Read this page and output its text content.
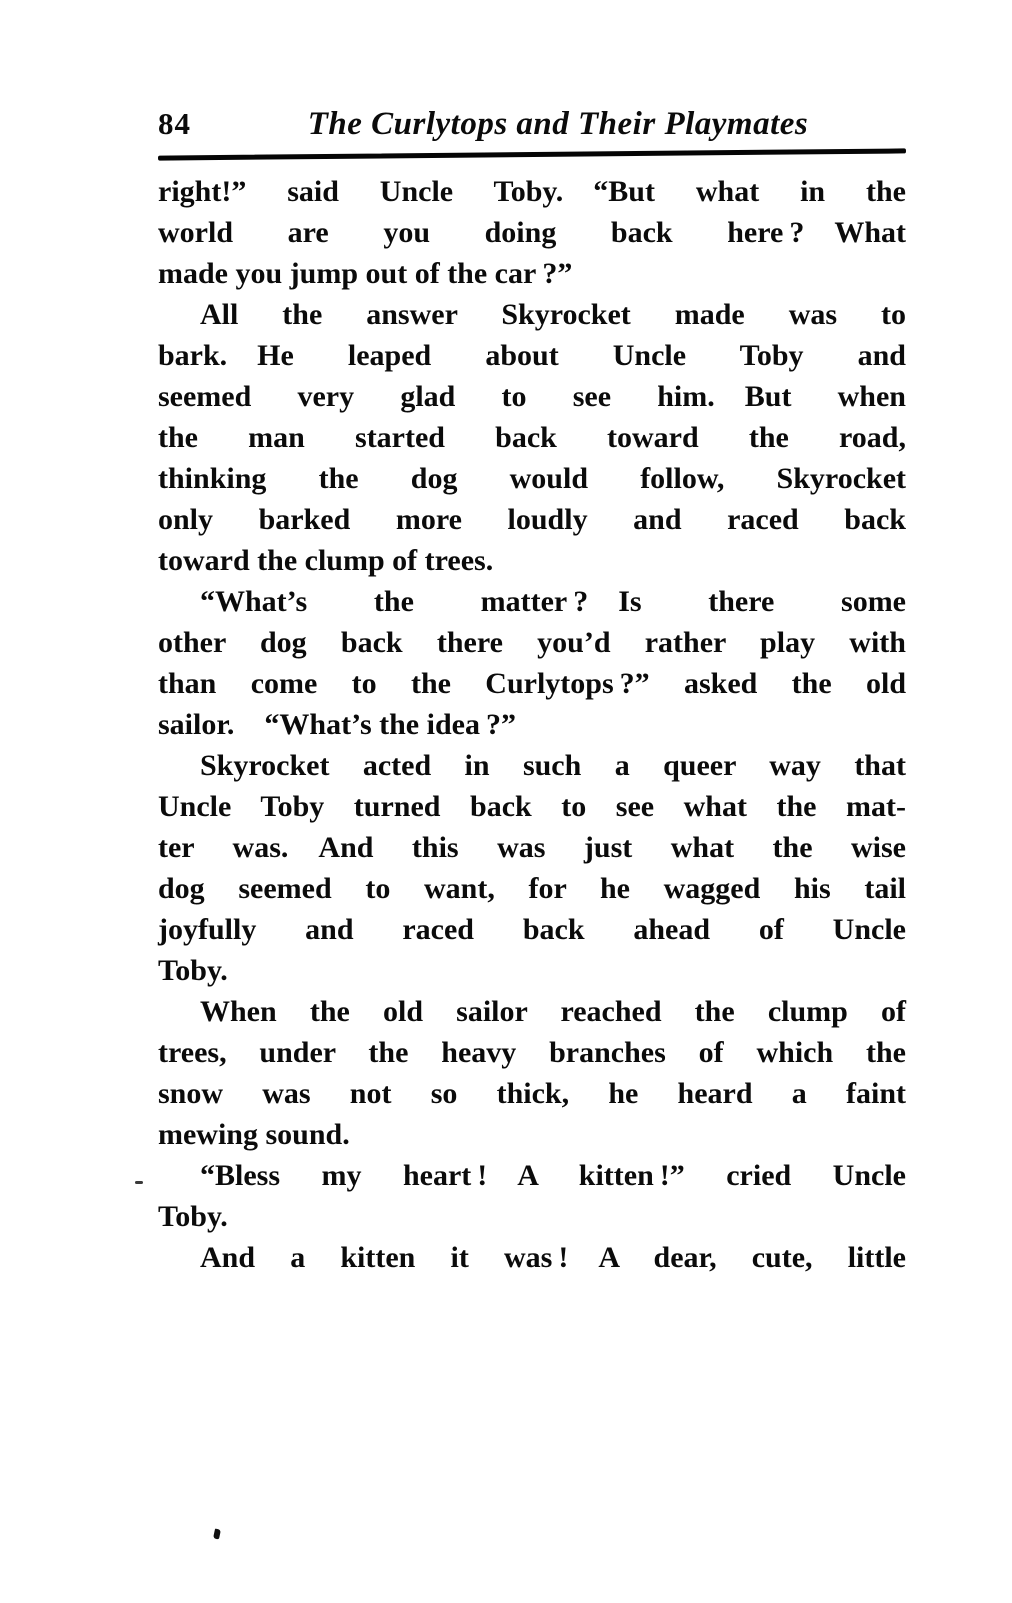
84	The Curlytops and Their Playmates
right!” said Uncle Toby. “But what in the
world are you doing back here ? What
made you jump out of the car ?”
All the answer Skyrocket made was to
bark. He leaped about Uncle Toby and
seemed very glad to see him. But when
the man started back toward the road,
thinking the dog would follow, Skyrocket
only barked more loudly and raced back
toward the clump of trees.
“What’s the matter ? Is there some
other dog back there you’d rather play with
than come to the Curlytops ?” asked the old
sailor. “What’s the idea ?”
Skyrocket acted in such a queer way that
Uncle Toby turned back to see what the mat-
ter was. And this was just what the wise
dog seemed to want, for he wagged his tail
joyfully and raced back ahead of Uncle
Toby.
When the old sailor reached the clump of
trees, under the heavy branches of which the
snow was not so thick, he heard a faint
mewing sound.
“Bless my heart ! A kitten !” cried Uncle
Toby.
And a kitten it was ! A dear, cute, little
